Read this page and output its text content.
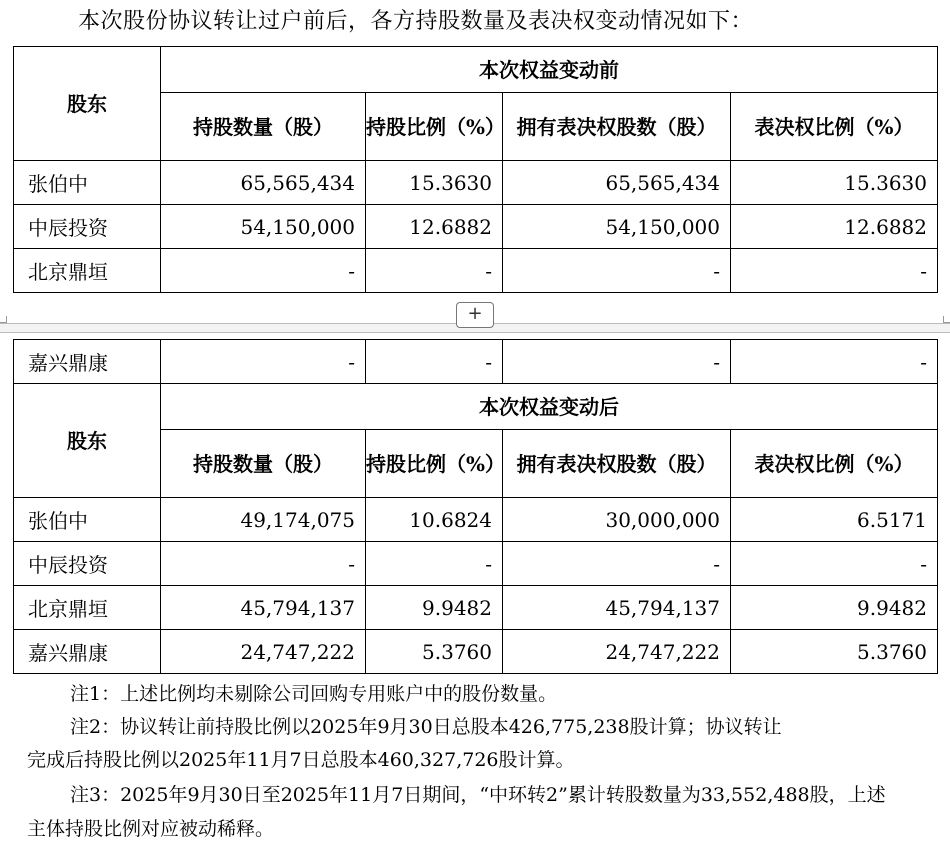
本次股份协议转让过户前后，各方持股数量及表决权变动情况如下：
股东	本次权益变动前			
	持股数量（股）	持股比例（%）	拥有表决权股数（股）	表决权比例（%）
张伯中	65,565,434	15.3630	65,565,434	15.3630
中辰投资	54,150,000	12.6882	54,150,000	12.6882
北京鼎垣	-	-	-	-
+
嘉兴鼎康	-	-	-	-
股东	本次权益变动后			
	持股数量（股）	持股比例（%）	拥有表决权股数（股）	表决权比例（%）
张伯中	49,174,075	10.6824	30,000,000	6.5171
中辰投资	-	-	-	-
北京鼎垣	45,794,137	9.9482	45,794,137	9.9482
嘉兴鼎康	24,747,222	5.3760	24,747,222	5.3760
注1：上述比例均未剔除公司回购专用账户中的股份数量。
注2：协议转让前持股比例以2025年9月30日总股本426,775,238股计算；协议转让
完成后持股比例以2025年11月7日总股本460,327,726股计算。
注3：2025年9月30日至2025年11月7日期间，“中环转2”累计转股数量为33,552,488股，上述
主体持股比例对应被动稀释。
